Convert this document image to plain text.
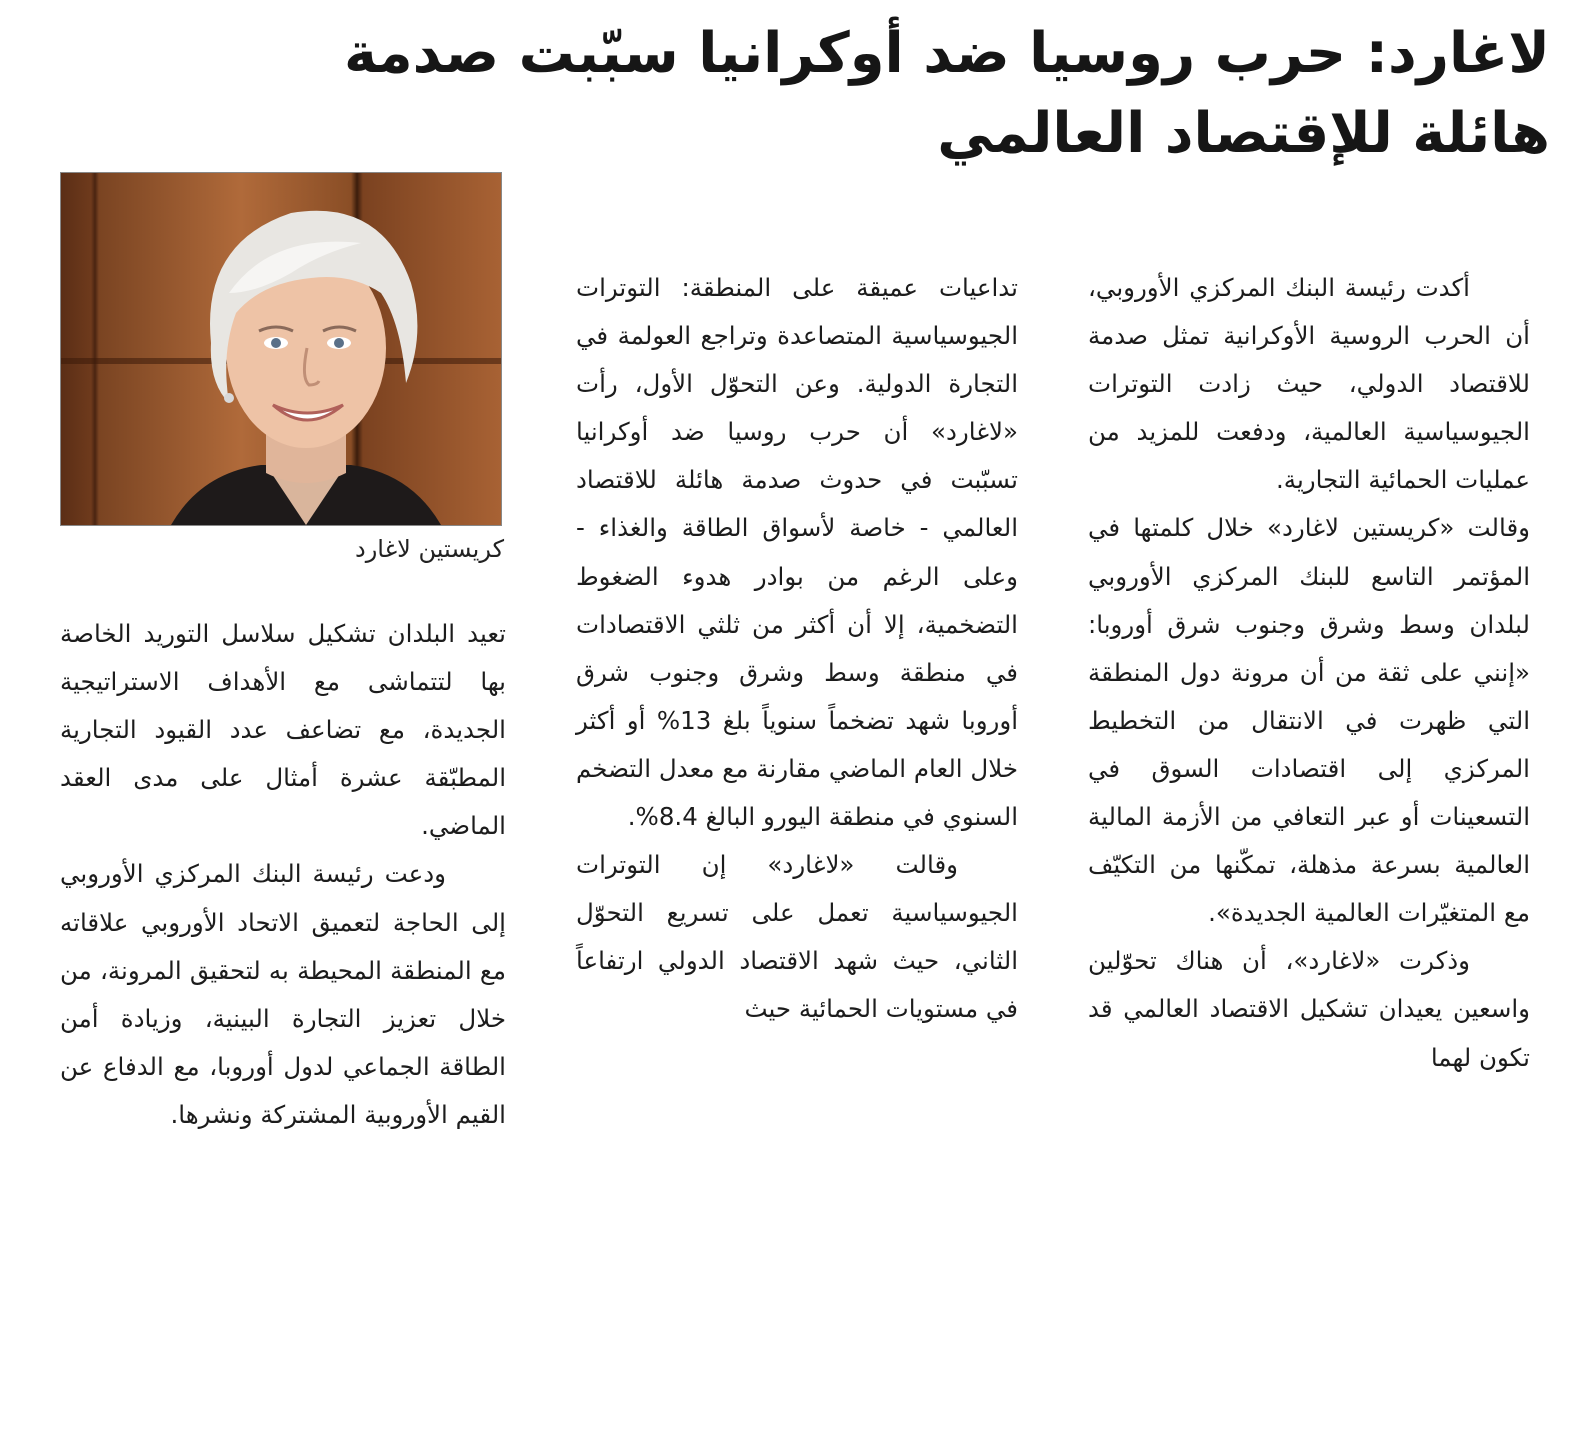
لاغارد: حرب روسيا ضد أوكرانيا سبّبت صدمة
هائلة للإقتصاد العالمي
كريستين لاغارد

أكدت رئيسة البنك المركزي الأوروبي، أن الحرب الروسية الأوكرانية تمثل صدمة للاقتصاد الدولي، حيث زادت التوترات الجيوسياسية العالمية، ودفعت للمزيد من عمليات الحمائية التجارية.

وقالت «كريستين لاغارد» خلال كلمتها في المؤتمر التاسع للبنك المركزي الأوروبي لبلدان وسط وشرق وجنوب شرق أوروبا: «إنني على ثقة من أن مرونة دول المنطقة التي ظهرت في الانتقال من التخطيط المركزي إلى اقتصادات السوق في التسعينات أو عبر التعافي من الأزمة المالية العالمية بسرعة مذهلة، تمكّنها من التكيّف مع المتغيّرات العالمية الجديدة».

وذكرت «لاغارد»، أن هناك تحوّلين واسعين يعيدان تشكيل الاقتصاد العالمي قد تكون لهما

تداعيات عميقة على المنطقة: التوترات الجيوسياسية المتصاعدة وتراجع العولمة في التجارة الدولية. وعن التحوّل الأول، رأت «لاغارد» أن حرب روسيا ضد أوكرانيا تسبّبت في حدوث صدمة هائلة للاقتصاد العالمي - خاصة لأسواق الطاقة والغذاء - وعلى الرغم من بوادر هدوء الضغوط التضخمية، إلا أن أكثر من ثلثي الاقتصادات في منطقة وسط وشرق وجنوب شرق أوروبا شهد تضخماً سنوياً بلغ 13% أو أكثر خلال العام الماضي مقارنة مع معدل التضخم السنوي في منطقة اليورو البالغ 8.4%.

وقالت «لاغارد» إن التوترات الجيوسياسية تعمل على تسريع التحوّل الثاني، حيث شهد الاقتصاد الدولي ارتفاعاً في مستويات الحمائية حيث

تعيد البلدان تشكيل سلاسل التوريد الخاصة بها لتتماشى مع الأهداف الاستراتيجية الجديدة، مع تضاعف عدد القيود التجارية المطبّقة عشرة أمثال على مدى العقد الماضي.

ودعت رئيسة البنك المركزي الأوروبي إلى الحاجة لتعميق الاتحاد الأوروبي علاقاته مع المنطقة المحيطة به لتحقيق المرونة، من خلال تعزيز التجارة البينية، وزيادة أمن الطاقة الجماعي لدول أوروبا، مع الدفاع عن القيم الأوروبية المشتركة ونشرها.
